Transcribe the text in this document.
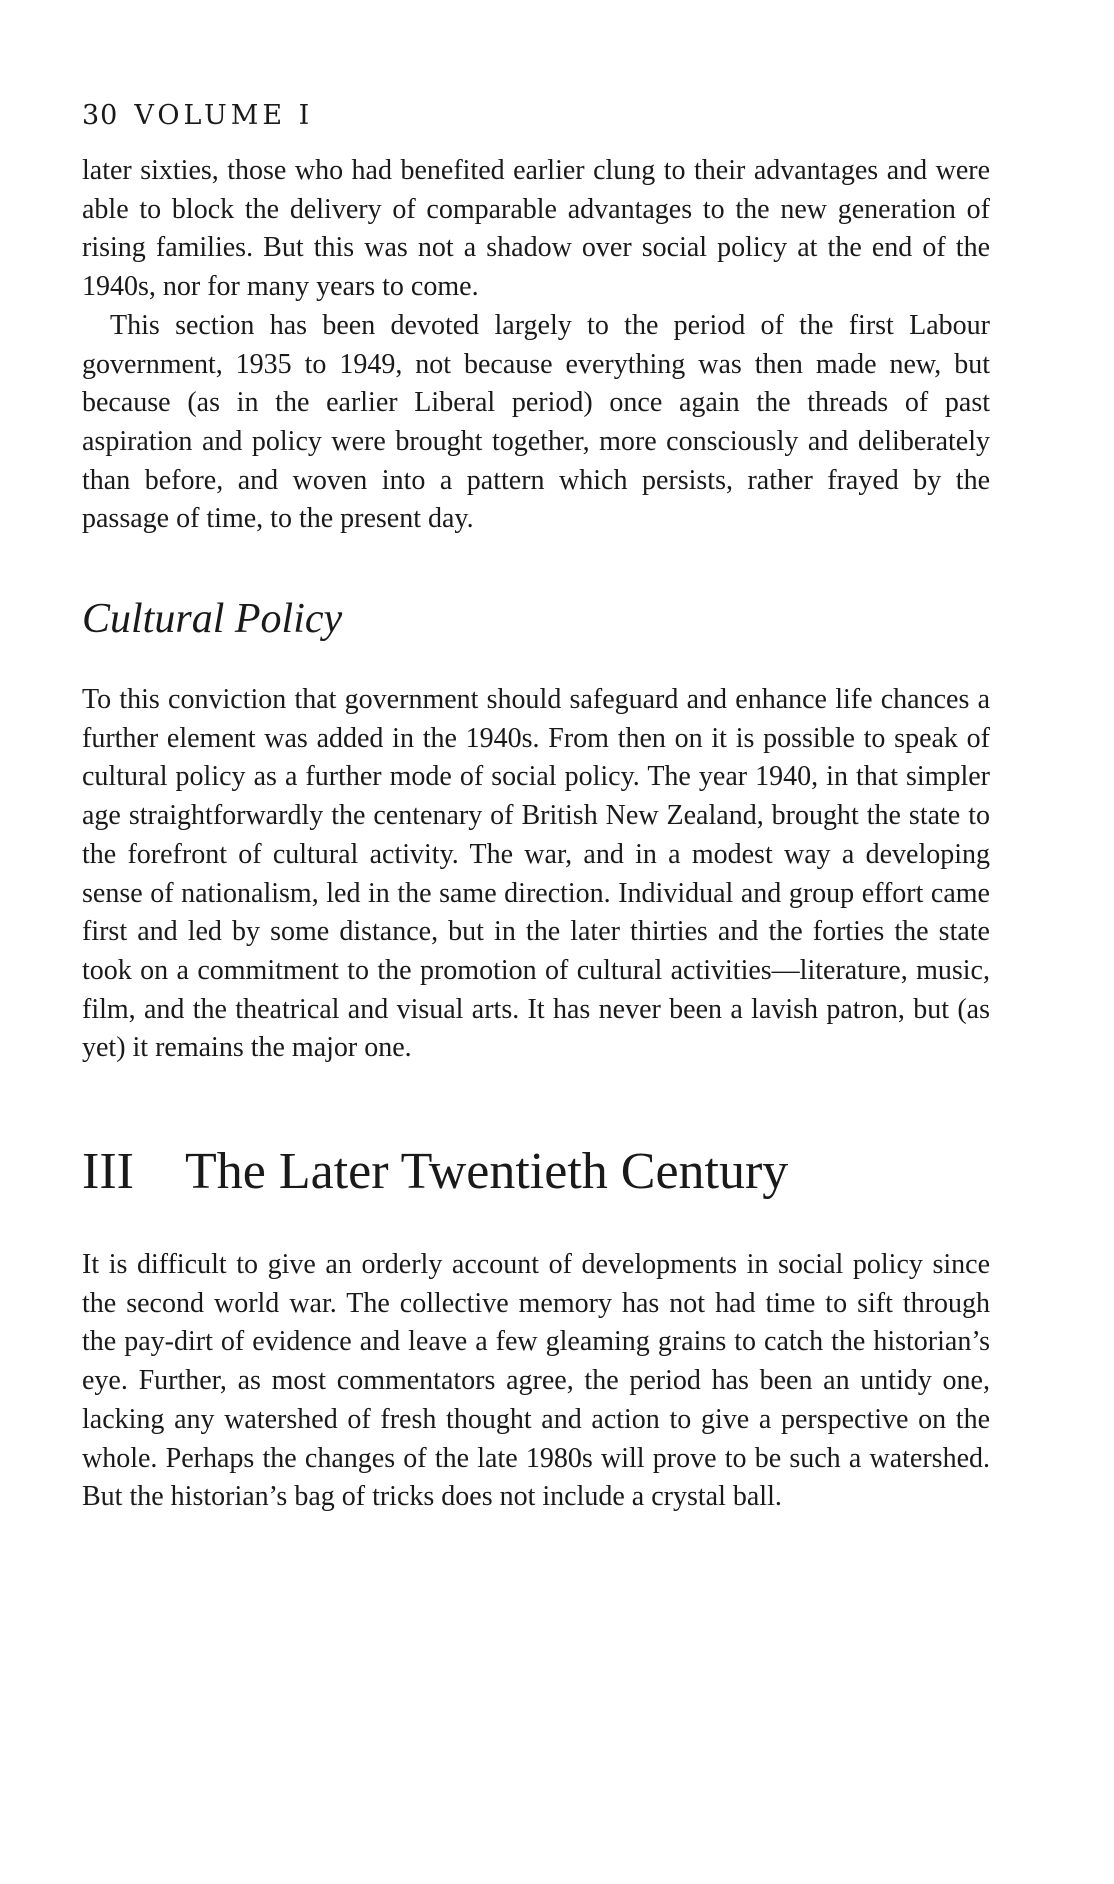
30 VOLUME I

later sixties, those who had benefited earlier clung to their advantages and were able to block the delivery of comparable advantages to the new generation of rising families. But this was not a shadow over social policy at the end of the 1940s, nor for many years to come.

This section has been devoted largely to the period of the first Labour government, 1935 to 1949, not because everything was then made new, but because (as in the earlier Liberal period) once again the threads of past aspiration and policy were brought together, more consciously and deliberately than before, and woven into a pattern which persists, rather frayed by the passage of time, to the present day.

Cultural Policy

To this conviction that government should safeguard and enhance life chances a further element was added in the 1940s. From then on it is possible to speak of cultural policy as a further mode of social policy. The year 1940, in that simpler age straightforwardly the centenary of British New Zealand, brought the state to the forefront of cultural activity. The war, and in a modest way a developing sense of nationalism, led in the same direction. Individual and group effort came first and led by some distance, but in the later thirties and the forties the state took on a commitment to the promotion of cultural activities—literature, music, film, and the theatrical and visual arts. It has never been a lavish patron, but (as yet) it remains the major one.

III The Later Twentieth Century

It is difficult to give an orderly account of developments in social policy since the second world war. The collective memory has not had time to sift through the pay-dirt of evidence and leave a few gleaming grains to catch the historian’s eye. Further, as most commentators agree, the period has been an untidy one, lacking any watershed of fresh thought and action to give a perspective on the whole. Perhaps the changes of the late 1980s will prove to be such a watershed. But the historian’s bag of tricks does not include a crystal ball.
